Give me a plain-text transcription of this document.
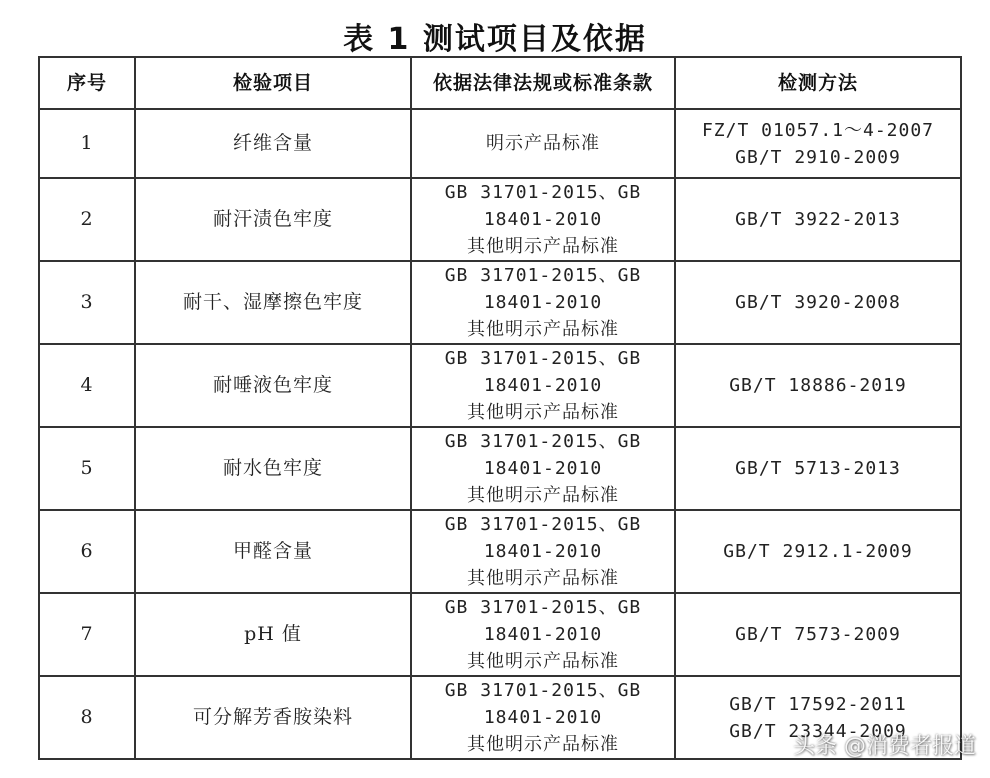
表 1 测试项目及依据
序号	检验项目	依据法律法规或标准条款	检测方法
1	纤维含量	明示产品标准	FZ/T 01057.1～4-2007
GB/T 2910-2009

2	耐汗渍色牢度	GB 31701-2015、GB
18401-2010
其他明示产品标准	GB/T 3922-2013

3	耐干、湿摩擦色牢度	GB 31701-2015、GB
18401-2010
其他明示产品标准	GB/T 3920-2008

4	耐唾液色牢度	GB 31701-2015、GB
18401-2010
其他明示产品标准	GB/T 18886-2019

5	耐水色牢度	GB 31701-2015、GB
18401-2010
其他明示产品标准	GB/T 5713-2013

6	甲醛含量	GB 31701-2015、GB
18401-2010
其他明示产品标准	GB/T 2912.1-2009

7	pH 值	GB 31701-2015、GB
18401-2010
其他明示产品标准	GB/T 7573-2009

8	可分解芳香胺染料	GB 31701-2015、GB
18401-2010
其他明示产品标准	GB/T 17592-2011
GB/T 23344-2009
头条 @消费者报道
